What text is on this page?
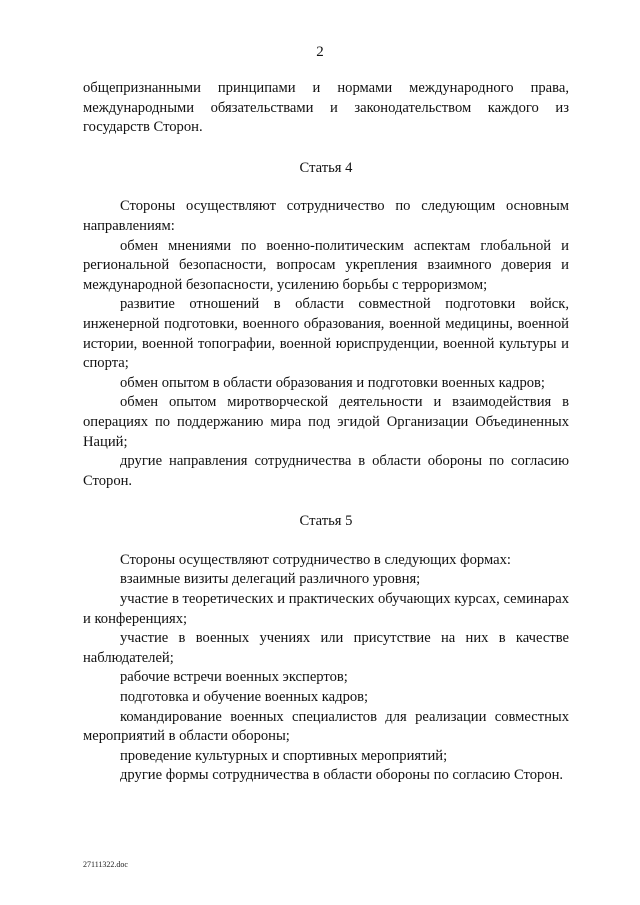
2

общепризнанными принципами и нормами международного права, международными обязательствами и законодательством каждого из государств Сторон.

Статья 4

Стороны осуществляют сотрудничество по следующим основным направлениям:

обмен мнениями по военно-политическим аспектам глобальной и региональной безопасности, вопросам укрепления взаимного доверия и международной безопасности, усилению борьбы с терроризмом;

развитие отношений в области совместной подготовки войск, инженерной подготовки, военного образования, военной медицины, военной истории, военной топографии, военной юриспруденции, военной культуры и спорта;

обмен опытом в области образования и подготовки военных кадров;

обмен опытом миротворческой деятельности и взаимодействия в операциях по поддержанию мира под эгидой Организации Объединенных Наций;

другие направления сотрудничества в области обороны по согласию Сторон.

Статья 5

Стороны осуществляют сотрудничество в следующих формах:

взаимные визиты делегаций различного уровня;

участие в теоретических и практических обучающих курсах, семинарах и конференциях;

участие в военных учениях или присутствие на них в качестве наблюдателей;

рабочие встречи военных экспертов;

подготовка и обучение военных кадров;

командирование военных специалистов для реализации совместных мероприятий в области обороны;

проведение культурных и спортивных мероприятий;

другие формы сотрудничества в области обороны по согласию Сторон.

27111322.doc
